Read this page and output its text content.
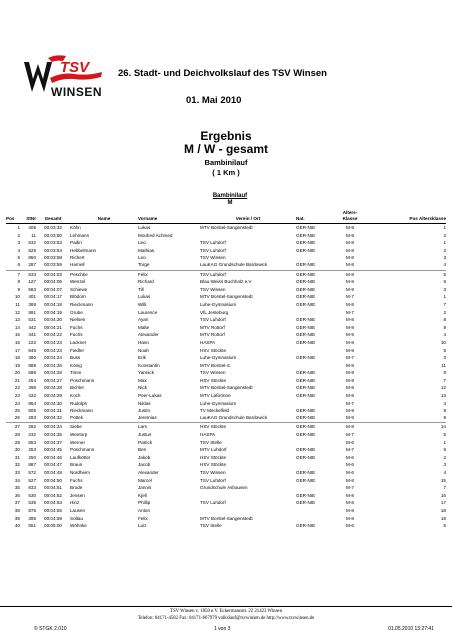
TSV
WINSEN
26. Stadt- und Deichvolkslauf des TSV Winsen
01. Mai 2010
Ergebnis
M / W - gesamt
Bambinilauf
( 1 Km )
Bambinilauf
M
Pos	StNr	Gesamt	Name	Vorname	Verein / Ort	Nat.	Alters-
Klasse	Pos Altersklasse
1	405	00:03:32	Köhn	Lukas	MTV Borstel-Sangenstedt	GER-NIE	M-9	1
2	11	00:03:50	Lehmann	Mouhed Achmed		GER-NIE	M-9	2
3	532	00:03:53	Padin	Leo	TSV Luhdorf	GER-NIE	M-8	1
4	529	00:03:54	Hebbelmann	Mathias	TSV Luhdorf	GER-NIE	M-8	2
5	850	00:03:58	Richert	Leo	TSV Winsen		M-8	3
6	287	00:03:59	Harnell	Torge	LauKAG Grundschule Bardowick	GER-NIE	M-8	4
7	533	00:04:03	Peschke	Felix	TSV Luhdorf	GER-NIE	M-8	5
8	127	00:04:06	Wenzel	Richard	Blau-Weiss Buchholz e.V	GER-NIE	M-8	6
9	583	00:04:07	Schiewe	Till	TSV Winsen	GER-NIE	M-9	3
10	401	00:04:17	Blödorn	Lukas	MTV Borstel-Sangenstedt	GER-NIE	M-7	1
11	369	00:04:18	Rieckmann	Willi	Luhe-Gymnasium	GER-NIE	M-8	7
12	891	00:04:19	Grube	Laurence	VfL Jesteburg		M-7	2
13	531	00:04:20	Nielsen	Ayan	TSV Luhdorf	GER-NIE	M-8	8
14	442	00:04:21	Fuchs	Malte	MTV Rottorf	GER-NIE	M-8	9
15	441	00:04:22	Fuchs	Alexander	MTV Rottorf	GER-NIE	M-9	4
16	222	00:04:23	Lackner	Hann	HASPA	GER-NIE	M-8	10
17	846	00:04:23	Fiedler	Noah	HSV Stöckte		M-9	5
18	390	00:04:24	Buss	Erik	Luhe-Gymnasium	GER-NIE	M-7	3
19	888	00:04:26	König	Konstantin	MTV Borstel-S.		M-8	11
20	586	00:04:26	Timm	Yannick	TSV Winsen	GER-NIE	M-9	6
21	254	00:04:27	Poschmann	Max	HSV Stöckte	GER-NIE	M-9	7
22	398	00:04:28	Bichler	Nick	MTV Borstel-Sangenstedt	GER-NIE	M-8	12
23	432	00:04:29	Koch	Peer-Lukas	MTV Laßrönne	GER-NIE	M-8	13
24	854	00:04:30	Rudolph	Niklas	Luhe-Gymnasium		M-7	4
25	605	00:04:31	Rieckmann	Justin	TV Meckelfeld	GER-NIE	M-9	8
26	293	00:04:32	Pottek	Jeremias	LauKAG Grundschule Bardowick	GER-NIE	M-9	9
27	262	00:04:34	Siebe	Lars	HSV Stöckte	GER-NIE	M-8	14
28	232	00:04:35	Wentorp	Justus	HASPA	GER-NIE	M-7	5
29	853	00:04:37	Werner	Patrick	TSV Stelle		M-6	1
30	253	00:04:45	Poschmann	Ben	MTV Luhdorf	GER-NIE	M-7	6
31	250	00:04:46	Laufkötter	Jakob	HSV Stöckte	GER-NIE	M-6	2
32	887	00:04:47	Braun	Jacob	HSV Stöckte		M-6	3
33	572	00:04:48	Nordheim	Alexander	TSV Winsen	GER-NIE	M-6	4
34	527	00:04:50	Fuchs	Marcel	TSV Luhdorf	GER-NIE	M-8	15
35	833	00:04:51	Brode	Jannis	Grundschule Ashausen		M-7	7
36	530	00:04:52	Jensen	Kjell		GER-NIE	M-8	16
37	535	00:04:53	Hinz	Phillip	TSV Luhdorf	GER-NIE	M-8	17
38	876	00:04:55	Lausen	Anton			M-8	18
39	395	00:04:59	Soltau	Felix	MTV Borstel-Sangenstedt		M-8	19
40	551	00:05:00	Wöhnke	Luiz	TSV Stelle	GER-NIE	M-6	5
TSV Winsen v. 1850 e.V. Eckermannstr. 22 21423 Winsen
Telefon: 04171-4582 Fax: 04171-667979 volkslauf@tsvwinsen.de http://www.tsvwinsen.de
© STGK 2.010	1 von 3	01.05.2010 13:27:41
